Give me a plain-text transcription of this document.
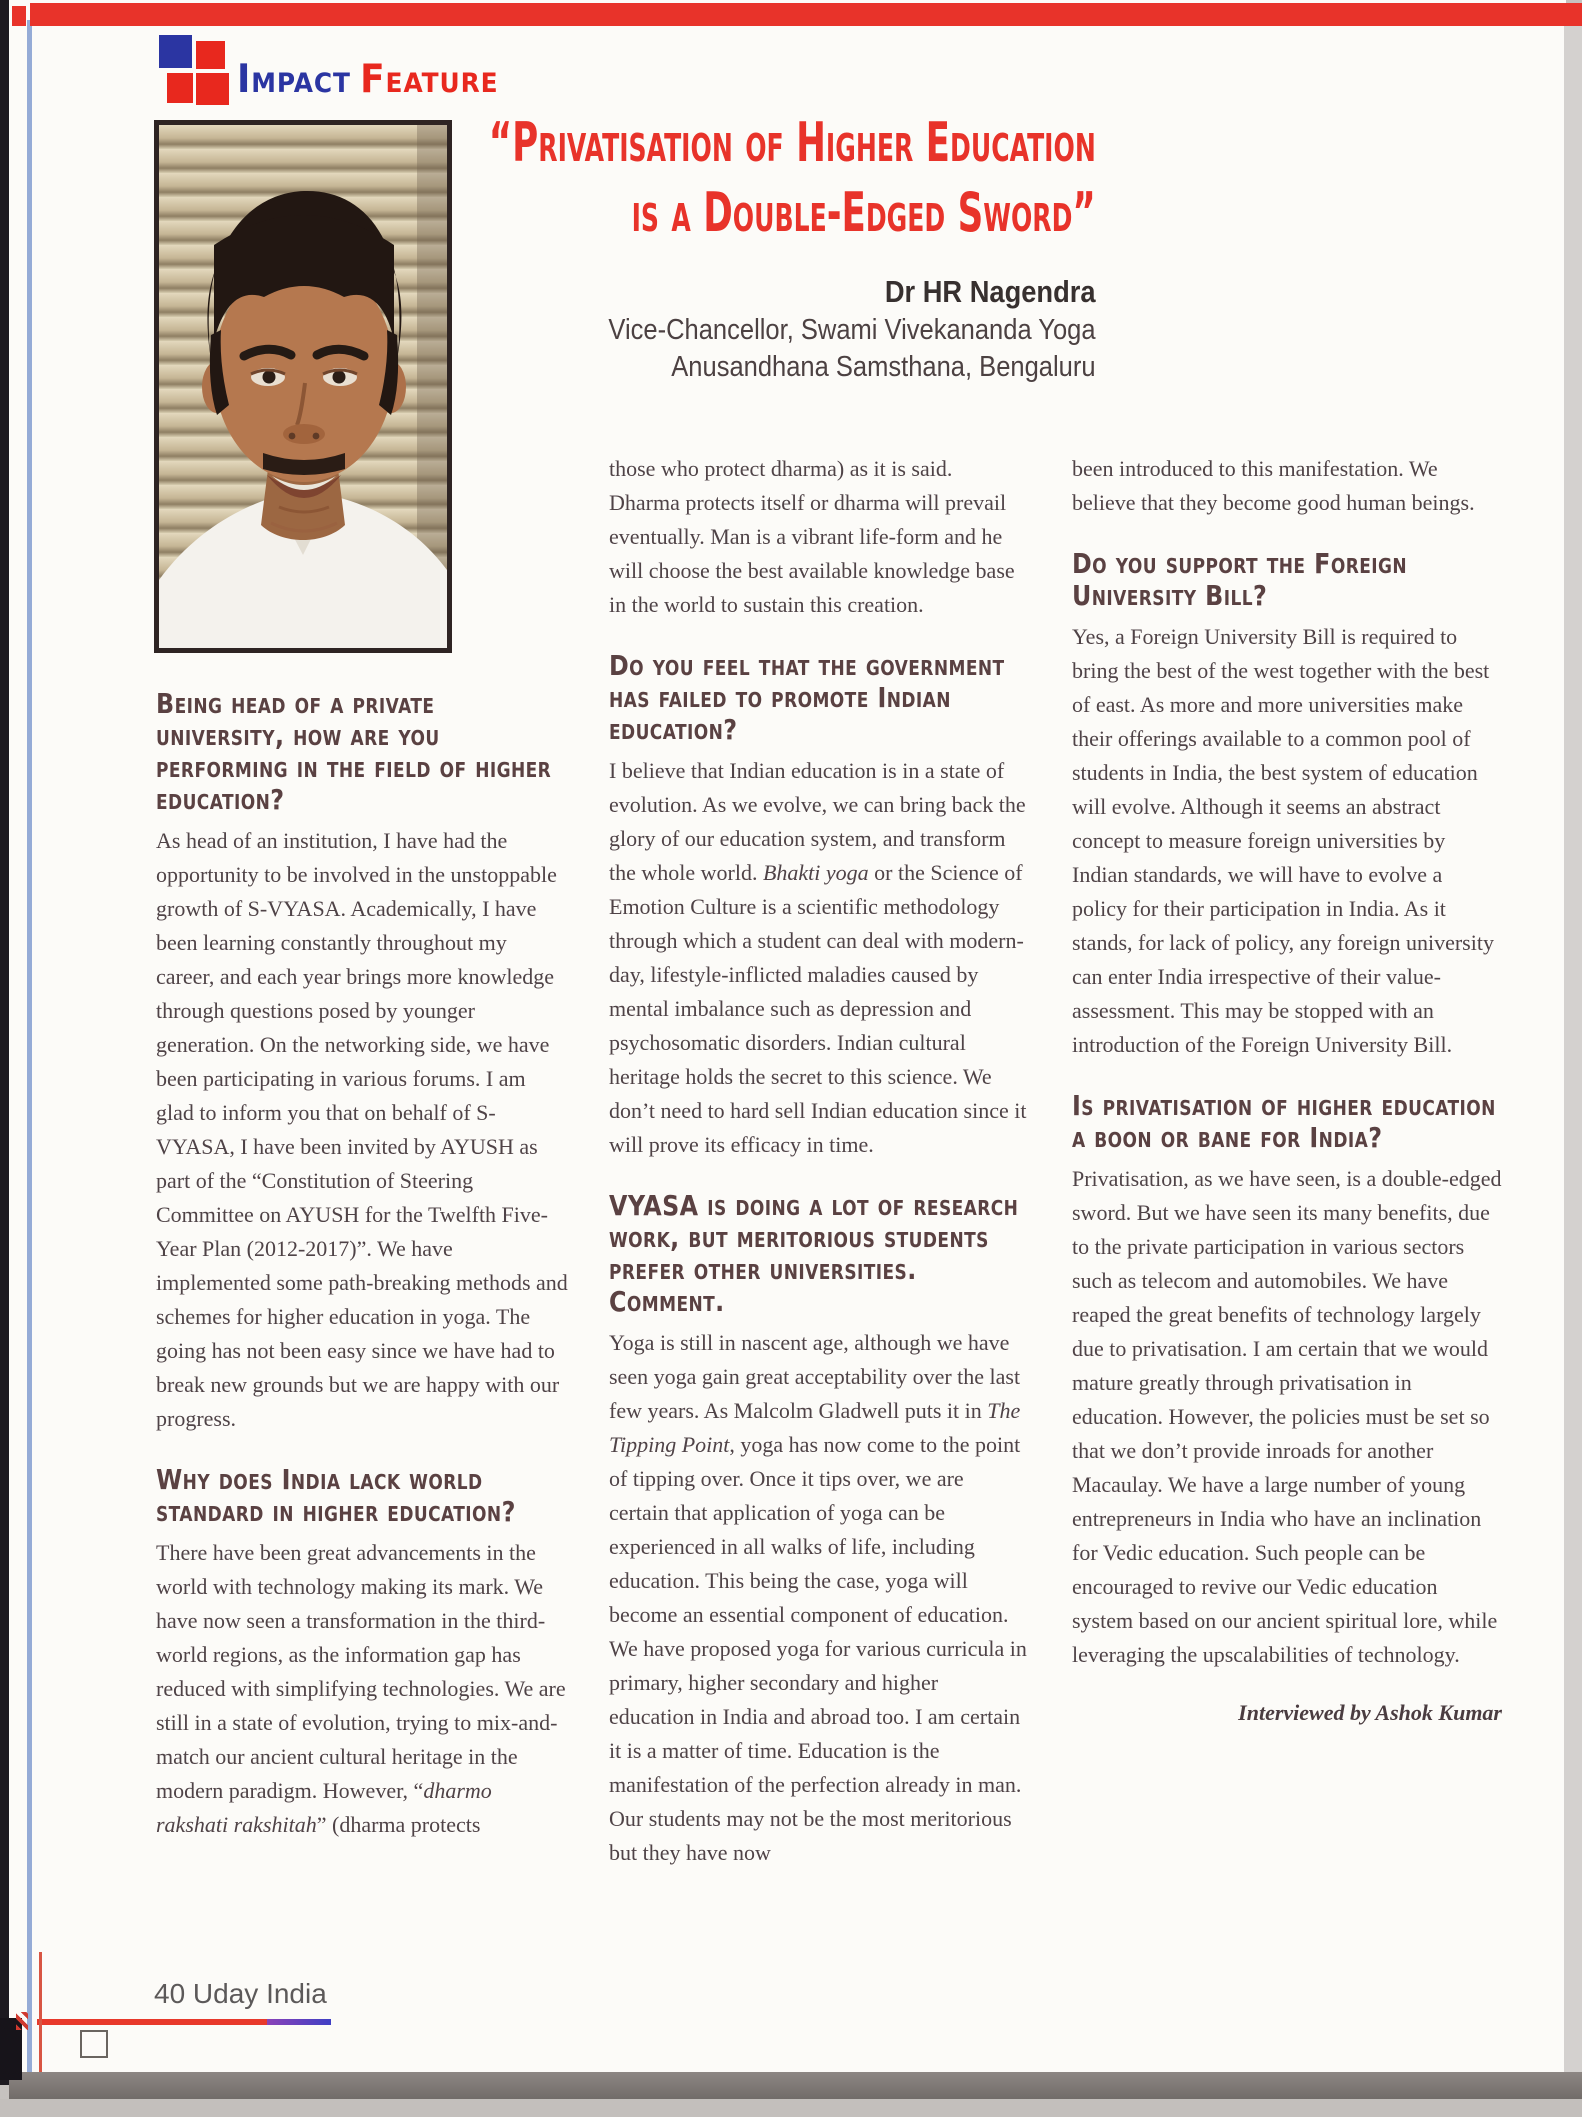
Impact Feature
“Privatisation of Higher Education
is a Double-Edged Sword”
Dr HR Nagendra
Vice-Chancellor, Swami Vivekananda Yoga
Anusandhana Samsthana, Bengaluru
Being head of a private university, how are you performing in the field of higher education?

As head of an institution, I have had the opportunity to be involved in the unstoppable growth of S-VYASA. Academically, I have been learning constantly throughout my career, and each year brings more knowledge through questions posed by younger generation. On the networking side, we have been participating in various forums. I am glad to inform you that on behalf of S-VYASA, I have been invited by AYUSH as part of the “Constitution of Steering Committee on AYUSH for the Twelfth Five-Year Plan (2012-2017)”. We have implemented some path-breaking methods and schemes for higher education in yoga. The going has not been easy since we have had to break new grounds but we are happy with our progress.

Why does India lack world standard in higher education?

There have been great advancements in the world with technology making its mark. We have now seen a transformation in the third-world regions, as the information gap has reduced with simplifying technologies. We are still in a state of evolution, trying to mix-and-match our ancient cultural heritage in the modern paradigm. However, “dharmo rakshati rakshitah” (dharma protects

those who protect dharma) as it is said. Dharma protects itself or dharma will prevail eventually. Man is a vibrant life-form and he will choose the best available knowledge base in the world to sustain this creation.

Do you feel that the government has failed to promote Indian education?

I believe that Indian education is in a state of evolution. As we evolve, we can bring back the glory of our education system, and transform the whole world. Bhakti yoga or the Science of Emotion Culture is a scientific methodology through which a student can deal with modern-day, lifestyle-inflicted maladies caused by mental imbalance such as depression and psychosomatic disorders. Indian cultural heritage holds the secret to this science. We don’t need to hard sell Indian education since it will prove its efficacy in time.

VYASA is doing a lot of research work, but meritorious students prefer other universities. Comment.

Yoga is still in nascent age, although we have seen yoga gain great acceptability over the last few years. As Malcolm Gladwell puts it in The Tipping Point, yoga has now come to the point of tipping over. Once it tips over, we are certain that application of yoga can be experienced in all walks of life, including education. This being the case, yoga will become an essential component of education. We have proposed yoga for various curricula in primary, higher secondary and higher education in India and abroad too. I am certain it is a matter of time. Education is the manifestation of the perfection already in man. Our students may not be the most meritorious but they have now

been introduced to this manifestation. We believe that they become good human beings.

Do you support the Foreign University Bill?

Yes, a Foreign University Bill is required to bring the best of the west together with the best of east. As more and more universities make their offerings available to a common pool of students in India, the best system of education will evolve. Although it seems an abstract concept to measure foreign universities by Indian standards, we will have to evolve a policy for their participation in India. As it stands, for lack of policy, any foreign university can enter India irrespective of their value-assessment. This may be stopped with an introduction of the Foreign University Bill.

Is privatisation of higher education a boon or bane for India?

Privatisation, as we have seen, is a double-edged sword. But we have seen its many benefits, due to the private participation in various sectors such as telecom and automobiles. We have reaped the great benefits of technology largely due to privatisation. I am certain that we would mature greatly through privatisation in education. However, the policies must be set so that we don’t provide inroads for another Macaulay. We have a large number of young entrepreneurs in India who have an inclination for Vedic education. Such people can be encouraged to revive our Vedic education system based on our ancient spiritual lore, while leveraging the upscalabilities of technology.

Interviewed by Ashok Kumar
40 Uday India
